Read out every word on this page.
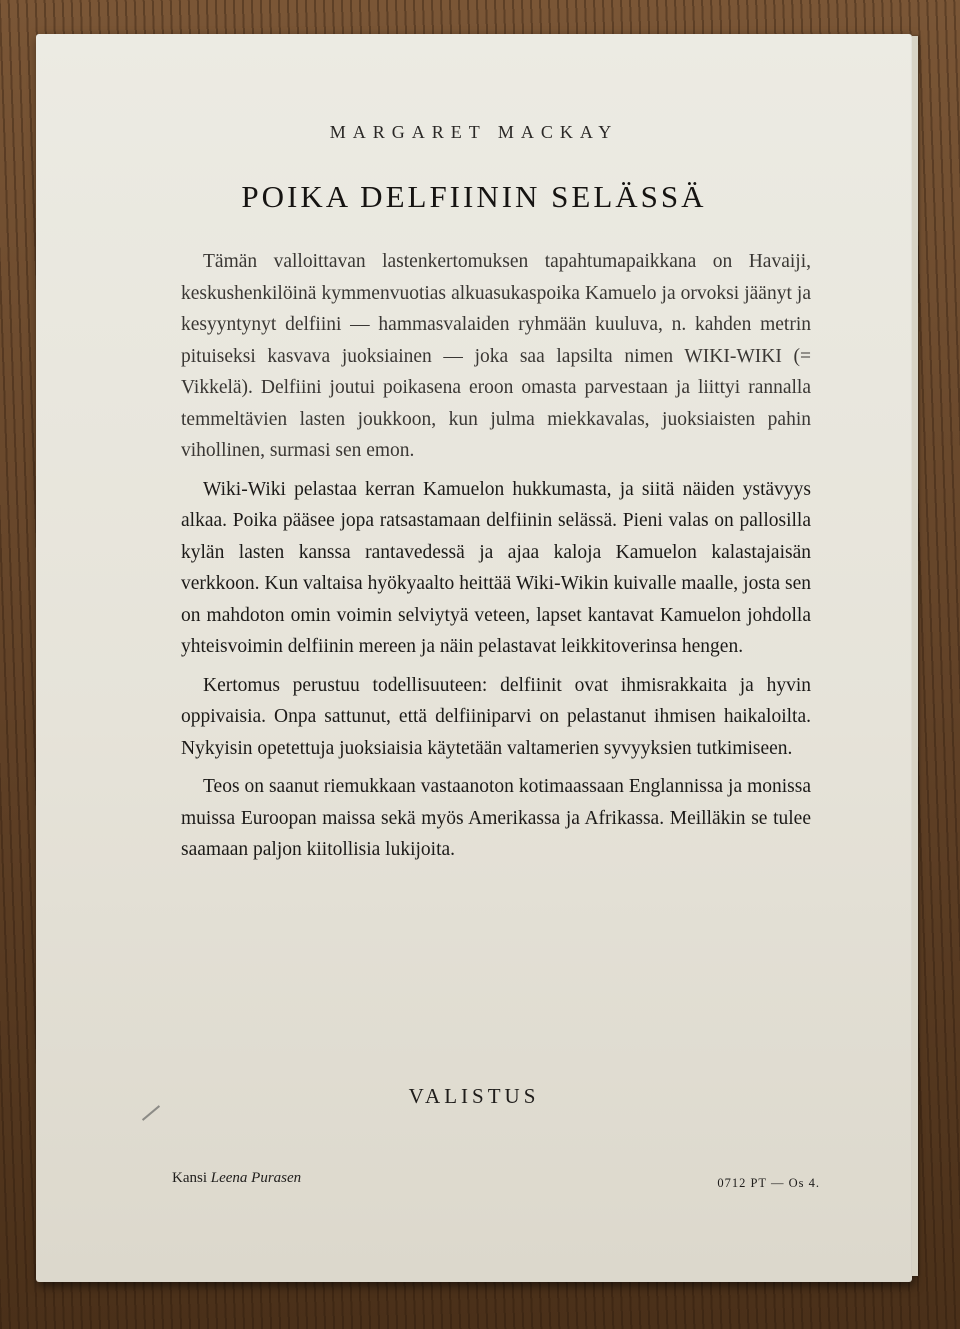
MARGARET MACKAY
POIKA DELFIININ SELÄSSÄ

Tämän valloittavan lastenkertomuksen tapahtumapaikkana on Havaiji, keskushenkilöinä kymmenvuotias alkuasukaspoika Kamuelo ja orvoksi jäänyt ja kesyyntynyt delfiini — hammasvalaiden ryhmään kuuluva, n. kahden metrin pituiseksi kasvava juoksiainen — joka saa lapsilta nimen WIKI-WIKI (= Vikkelä). Delfiini joutui poikasena eroon omasta parvestaan ja liittyi rannalla temmeltävien lasten joukkoon, kun julma miekkavalas, juoksiaisten pahin vihollinen, surmasi sen emon.

Wiki-Wiki pelastaa kerran Kamuelon hukkumasta, ja siitä näiden ystävyys alkaa. Poika pääsee jopa ratsastamaan delfiinin selässä. Pieni valas on pallosilla kylän lasten kanssa rantavedessä ja ajaa kaloja Kamuelon kalastajaisän verkkoon. Kun valtaisa hyökyaalto heittää Wiki-Wikin kuivalle maalle, josta sen on mahdoton omin voimin selviytyä veteen, lapset kantavat Kamuelon johdolla yhteisvoimin delfiinin mereen ja näin pelastavat leikkitoverinsa hengen.

Kertomus perustuu todellisuuteen: delfiinit ovat ihmisrakkaita ja hyvin oppivaisia. Onpa sattunut, että delfiiniparvi on pelastanut ihmisen haikaloilta. Nykyisin opetettuja juoksiaisia käytetään valtamerien syvyyksien tutkimiseen.

Teos on saanut riemukkaan vastaanoton kotimaassaan Englannissa ja monissa muissa Euroopan maissa sekä myös Amerikassa ja Afrikassa. Meilläkin se tulee saamaan paljon kiitollisia lukijoita.

VALISTUS
Kansi Leena Purasen	0712 PT — Os 4.
